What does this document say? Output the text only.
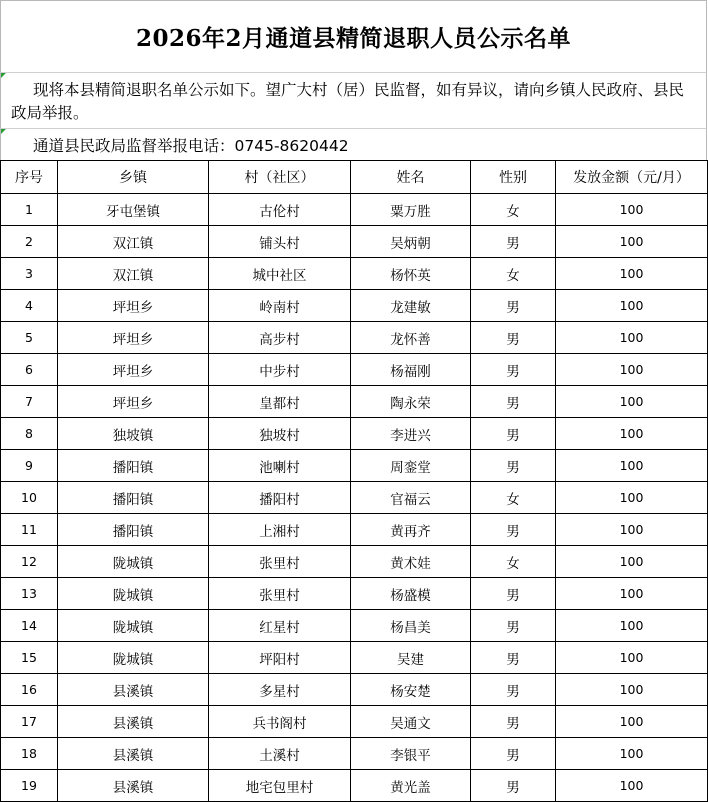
2026年2月通道县精简退职人员公示名单
现将本县精简退职名单公示如下。望广大村（居）民监督，如有异议，请向乡镇人民政府、县民政局举报。
通道县民政局监督举报电话：0745-8620442
序号	乡镇	村（社区）	姓名	性别	发放金额（元/月）
1	牙屯堡镇	古伦村	粟万胜	女	100
2	双江镇	铺头村	吴炳朝	男	100
3	双江镇	城中社区	杨怀英	女	100
4	坪坦乡	岭南村	龙建敏	男	100
5	坪坦乡	高步村	龙怀善	男	100
6	坪坦乡	中步村	杨福刚	男	100
7	坪坦乡	皇都村	陶永荣	男	100
8	独坡镇	独坡村	李进兴	男	100
9	播阳镇	池喇村	周銮堂	男	100
10	播阳镇	播阳村	官福云	女	100
11	播阳镇	上湘村	黄再齐	男	100
12	陇城镇	张里村	黄术娃	女	100
13	陇城镇	张里村	杨盛模	男	100
14	陇城镇	红星村	杨昌美	男	100
15	陇城镇	坪阳村	吴建	男	100
16	县溪镇	多星村	杨安楚	男	100
17	县溪镇	兵书阁村	吴通文	男	100
18	县溪镇	土溪村	李银平	男	100
19	县溪镇	地宅包里村	黄光盖	男	100
